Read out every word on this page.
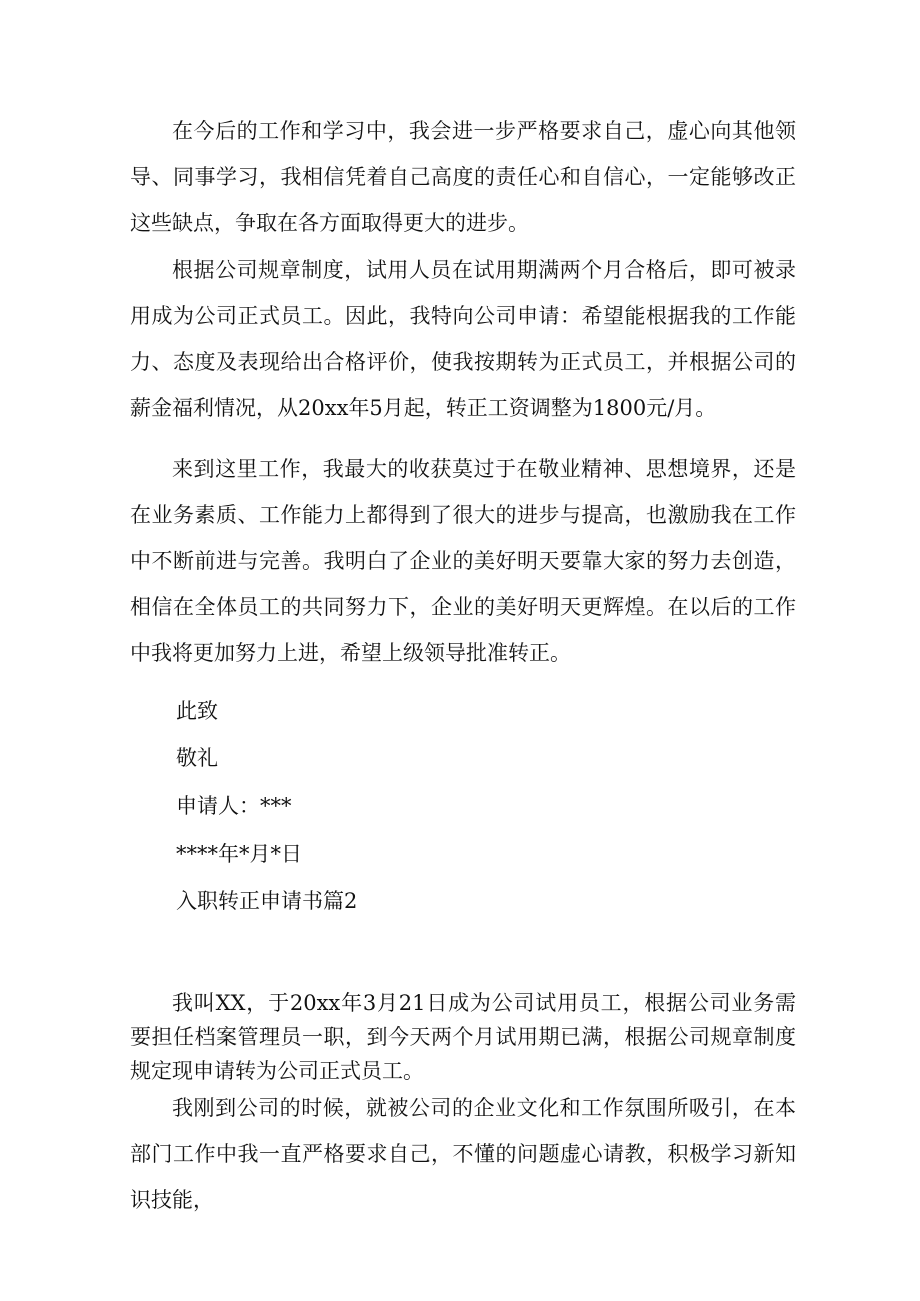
在今后的工作和学习中，我会进一步严格要求自己，虚心向其他领导、同事学习，我相信凭着自己高度的责任心和自信心，一定能够改正这些缺点，争取在各方面取得更大的进步。

根据公司规章制度，试用人员在试用期满两个月合格后，即可被录用成为公司正式员工。因此，我特向公司申请：希望能根据我的工作能力、态度及表现给出合格评价，使我按期转为正式员工，并根据公司的薪金福利情况，从20xx年5月起，转正工资调整为1800元/月。

来到这里工作，我最大的收获莫过于在敬业精神、思想境界，还是在业务素质、工作能力上都得到了很大的进步与提高，也激励我在工作中不断前进与完善。我明白了企业的美好明天要靠大家的努力去创造，相信在全体员工的共同努力下，企业的美好明天更辉煌。在以后的工作中我将更加努力上进，希望上级领导批准转正。

此致
敬礼
申请人：***
****年*月*日
入职转正申请书篇2

我叫XX，于20xx年3月21日成为公司试用员工，根据公司业务需要担任档案管理员一职，到今天两个月试用期已满，根据公司规章制度规定现申请转为公司正式员工。

我刚到公司的时候，就被公司的企业文化和工作氛围所吸引，在本部门工作中我一直严格要求自己，不懂的问题虚心请教，积极学习新知识技能，
